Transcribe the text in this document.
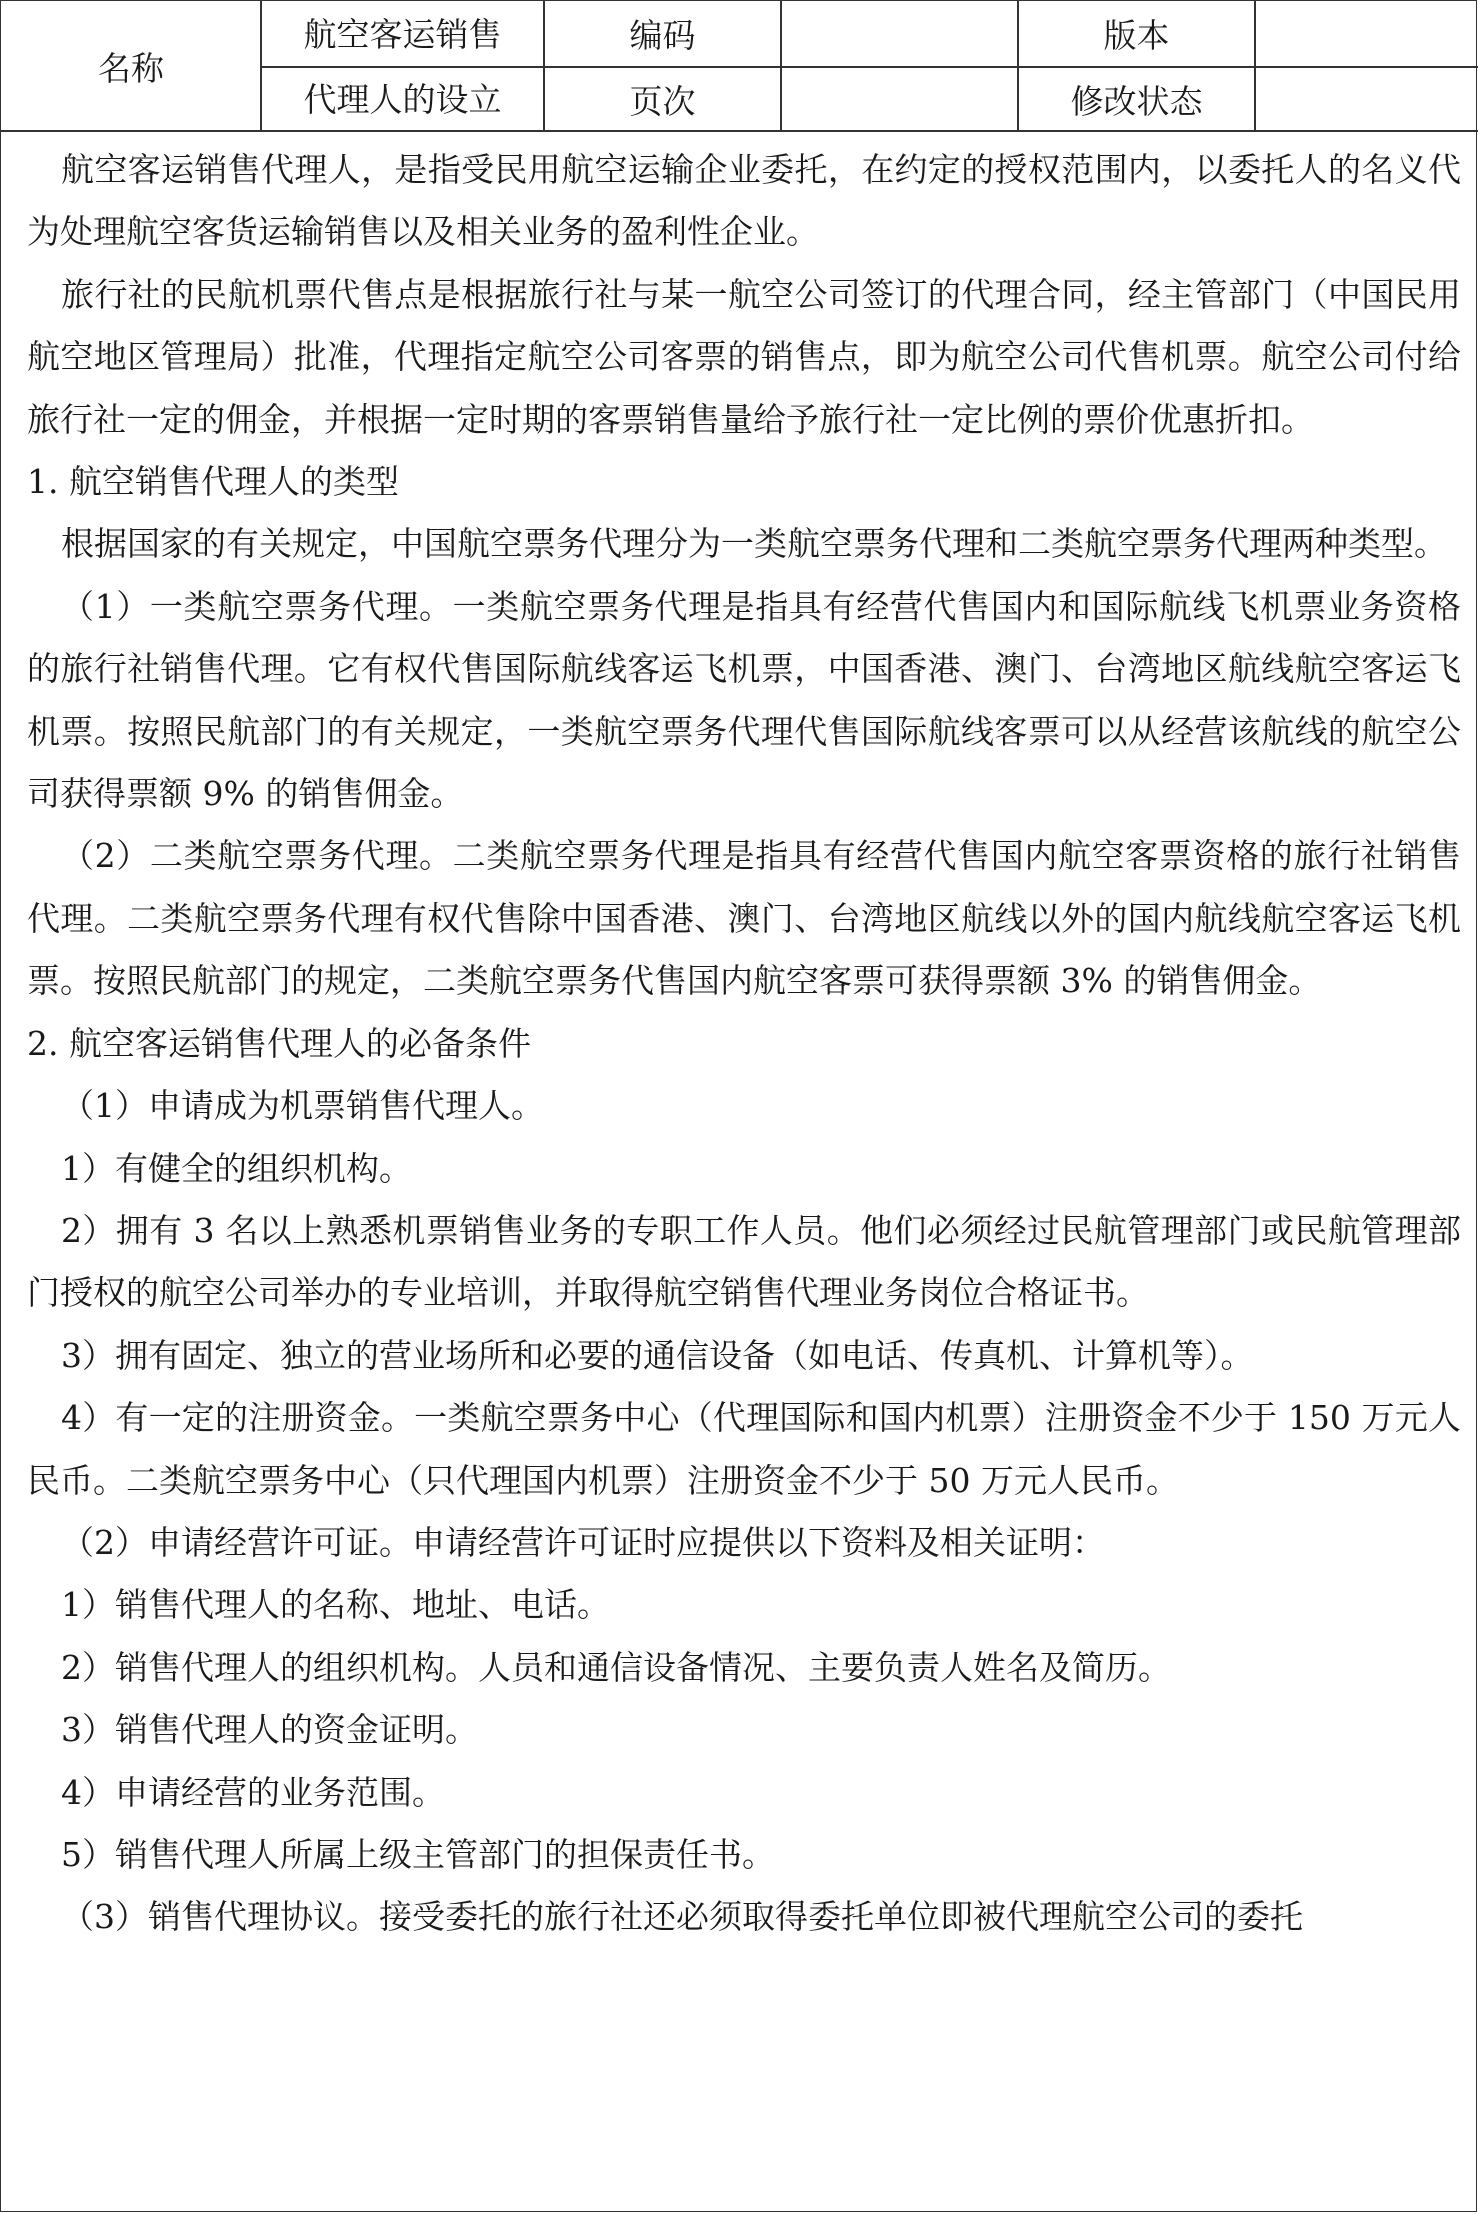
名称
航空客运销售
代理人的设立
编码	版本
页次	修改状态

航空客运销售代理人，是指受民用航空运输企业委托，在约定的授权范围内，以委托人的名义代为处理航空客货运输销售以及相关业务的盈利性企业。

旅行社的民航机票代售点是根据旅行社与某一航空公司签订的代理合同，经主管部门（中国民用航空地区管理局）批准，代理指定航空公司客票的销售点，即为航空公司代售机票。航空公司付给旅行社一定的佣金，并根据一定时期的客票销售量给予旅行社一定比例的票价优惠折扣。

1. 航空销售代理人的类型

根据国家的有关规定，中国航空票务代理分为一类航空票务代理和二类航空票务代理两种类型。

（1）一类航空票务代理。一类航空票务代理是指具有经营代售国内和国际航线飞机票业务资格的旅行社销售代理。它有权代售国际航线客运飞机票，中国香港、澳门、台湾地区航线航空客运飞机票。按照民航部门的有关规定，一类航空票务代理代售国际航线客票可以从经营该航线的航空公司获得票额 9% 的销售佣金。

（2）二类航空票务代理。二类航空票务代理是指具有经营代售国内航空客票资格的旅行社销售代理。二类航空票务代理有权代售除中国香港、澳门、台湾地区航线以外的国内航线航空客运飞机票。按照民航部门的规定，二类航空票务代售国内航空客票可获得票额 3% 的销售佣金。

2. 航空客运销售代理人的必备条件

（1）申请成为机票销售代理人。

1）有健全的组织机构。

2）拥有 3 名以上熟悉机票销售业务的专职工作人员。他们必须经过民航管理部门或民航管理部门授权的航空公司举办的专业培训，并取得航空销售代理业务岗位合格证书。

3）拥有固定、独立的营业场所和必要的通信设备（如电话、传真机、计算机等）。

4）有一定的注册资金。一类航空票务中心（代理国际和国内机票）注册资金不少于 150 万元人民币。二类航空票务中心（只代理国内机票）注册资金不少于 50 万元人民币。

（2）申请经营许可证。申请经营许可证时应提供以下资料及相关证明：

1）销售代理人的名称、地址、电话。

2）销售代理人的组织机构。人员和通信设备情况、主要负责人姓名及简历。

3）销售代理人的资金证明。

4）申请经营的业务范围。

5）销售代理人所属上级主管部门的担保责任书。

（3）销售代理协议。接受委托的旅行社还必须取得委托单位即被代理航空公司的委托
